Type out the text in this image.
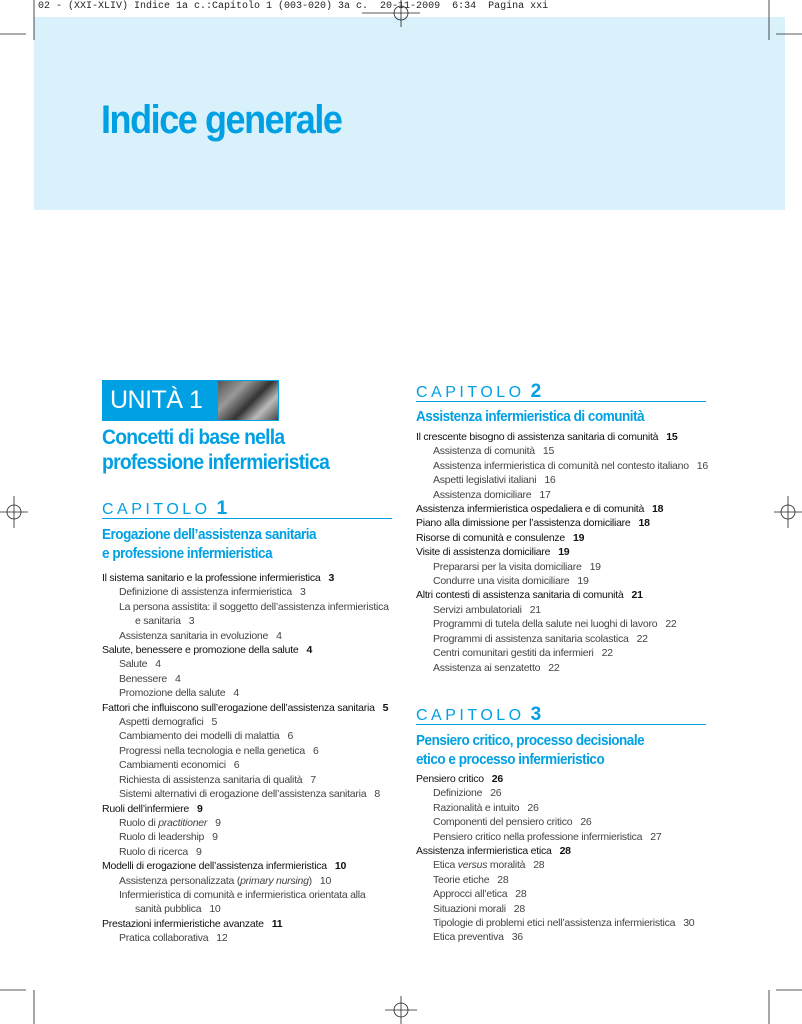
02 - (XXI-XLIV) Indice 1a c.:Capitolo 1 (003-020) 3a c.  20-11-2009  6:34  Pagina xxi
Indice generale
UNITÀ 1
Concetti di base nella
professione infermieristica
CAPITOLO 1
Erogazione dell’assistenza sanitaria
e professione infermieristica
Il sistema sanitario e la professione infermieristica 3
Definizione di assistenza infermieristica 3
La persona assistita: il soggetto dell’assistenza infermieristica e sanitaria 3
Assistenza sanitaria in evoluzione 4
Salute, benessere e promozione della salute 4
Salute 4
Benessere 4
Promozione della salute 4
Fattori che influiscono sull’erogazione dell’assistenza sanitaria 5
Aspetti demografici 5
Cambiamento dei modelli di malattia 6
Progressi nella tecnologia e nella genetica 6
Cambiamenti economici 6
Richiesta di assistenza sanitaria di qualità 7
Sistemi alternativi di erogazione dell’assistenza sanitaria 8
Ruoli dell’infermiere 9
Ruolo di practitioner 9
Ruolo di leadership 9
Ruolo di ricerca 9
Modelli di erogazione dell’assistenza infermieristica 10
Assistenza personalizzata (primary nursing) 10
Infermieristica di comunità e infermieristica orientata alla sanità pubblica 10
Prestazioni infermieristiche avanzate 11
Pratica collaborativa 12
CAPITOLO 2
Assistenza infermieristica di comunità
Il crescente bisogno di assistenza sanitaria di comunità 15
Assistenza di comunità 15
Assistenza infermieristica di comunità nel contesto italiano 16
Aspetti legislativi italiani 16
Assistenza domiciliare 17
Assistenza infermieristica ospedaliera e di comunità 18
Piano alla dimissione per l’assistenza domiciliare 18
Risorse di comunità e consulenze 19
Visite di assistenza domiciliare 19
Prepararsi per la visita domiciliare 19
Condurre una visita domiciliare 19
Altri contesti di assistenza sanitaria di comunità 21
Servizi ambulatoriali 21
Programmi di tutela della salute nei luoghi di lavoro 22
Programmi di assistenza sanitaria scolastica 22
Centri comunitari gestiti da infermieri 22
Assistenza ai senzatetto 22
CAPITOLO 3
Pensiero critico, processo decisionale
etico e processo infermieristico
Pensiero critico 26
Definizione 26
Razionalità e intuito 26
Componenti del pensiero critico 26
Pensiero critico nella professione infermieristica 27
Assistenza infermieristica etica 28
Etica versus moralità 28
Teorie etiche 28
Approcci all’etica 28
Situazioni morali 28
Tipologie di problemi etici nell’assistenza infermieristica 30
Etica preventiva 36
